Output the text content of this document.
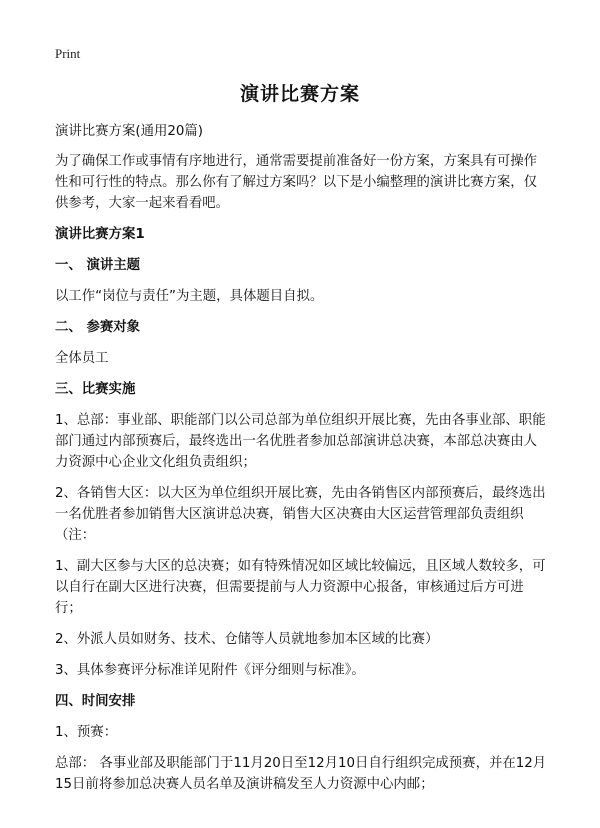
Print
演讲比赛方案
演讲比赛方案(通用20篇)
为了确保工作或事情有序地进行，通常需要提前准备好一份方案，方案具有可操作性和可行性的特点。那么你有了解过方案吗？以下是小编整理的演讲比赛方案，仅供参考，大家一起来看看吧。
演讲比赛方案1
一、 演讲主题
以工作“岗位与责任”为主题，具体题目自拟。
二、 参赛对象
全体员工
三、比赛实施
1、总部：事业部、职能部门以公司总部为单位组织开展比赛，先由各事业部、职能部门通过内部预赛后，最终选出一名优胜者参加总部演讲总决赛，本部总决赛由人力资源中心企业文化组负责组织；
2、各销售大区：以大区为单位组织开展比赛，先由各销售区内部预赛后，最终选出一名优胜者参加销售大区演讲总决赛，销售大区决赛由大区运营管理部负责组织（注：
1、副大区参与大区的总决赛；如有特殊情况如区域比较偏远，且区域人数较多，可以自行在副大区进行决赛，但需要提前与人力资源中心报备，审核通过后方可进行；
2、外派人员如财务、技术、仓储等人员就地参加本区域的比赛）
3、具体参赛评分标准详见附件《评分细则与标准》。
四、时间安排
1、预赛：
总部： 各事业部及职能部门于11月20日至12月10日自行组织完成预赛，并在12月15日前将参加总决赛人员名单及演讲稿发至人力资源中心内邮；
